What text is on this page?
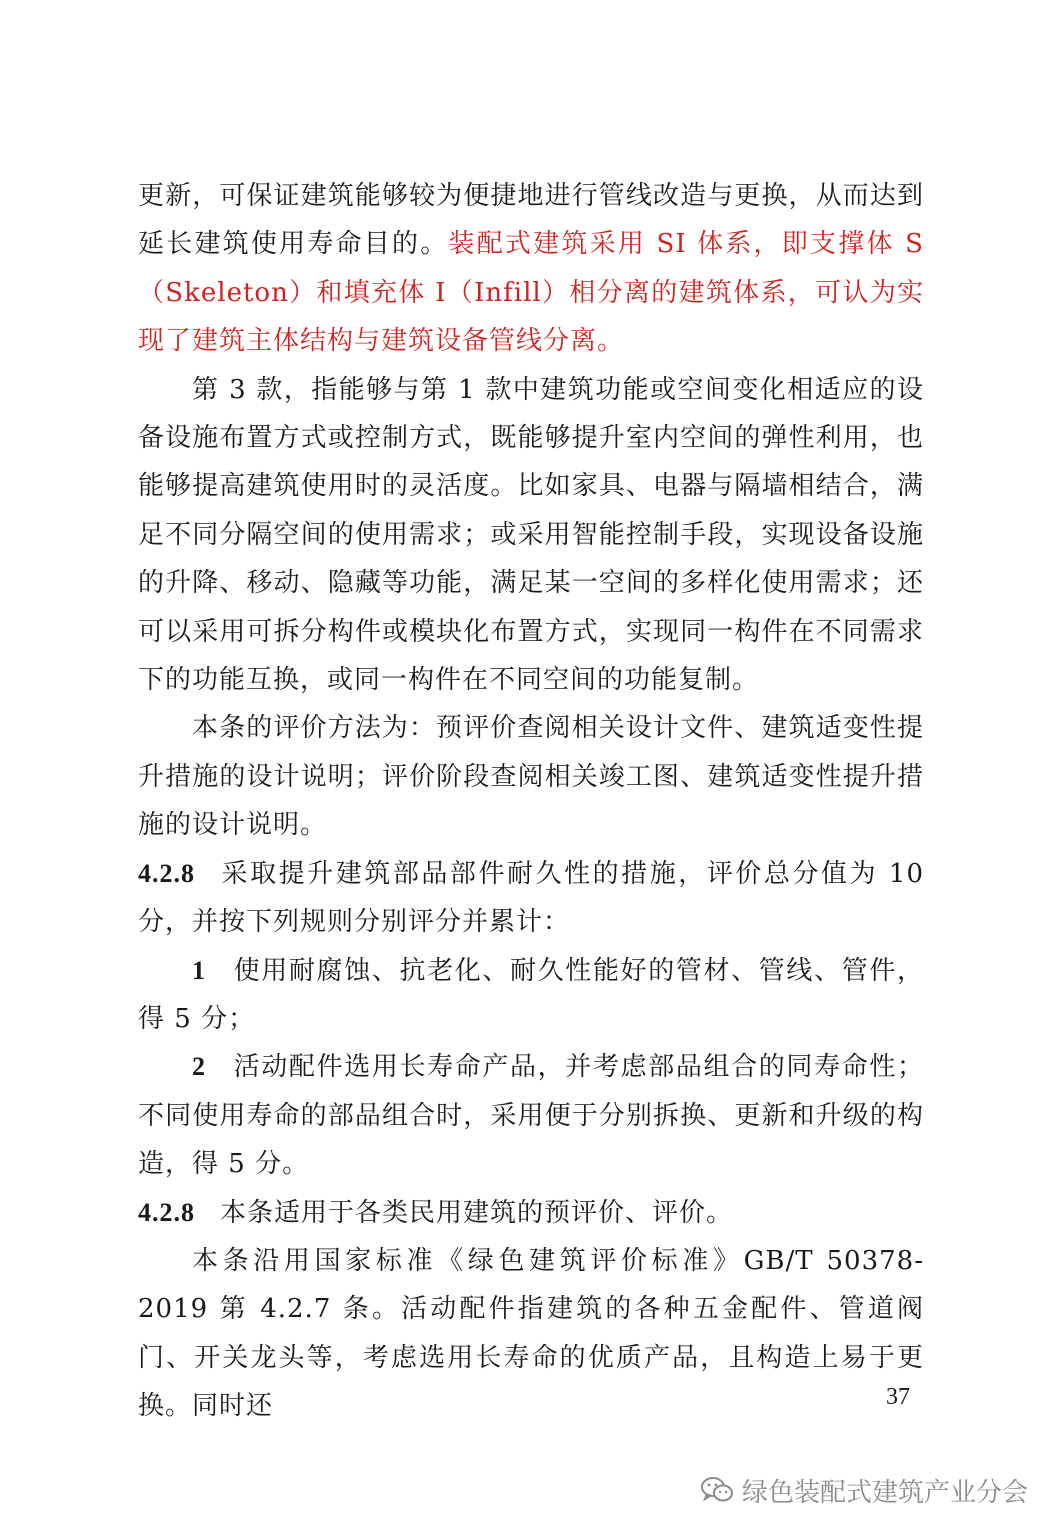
更新，可保证建筑能够较为便捷地进行管线改造与更换，从而达到延长建筑使用寿命目的。装配式建筑采用 SI 体系，即支撑体 S（Skeleton）和填充体 I（Infill）相分离的建筑体系，可认为实现了建筑主体结构与建筑设备管线分离。

第 3 款，指能够与第 1 款中建筑功能或空间变化相适应的设备设施布置方式或控制方式，既能够提升室内空间的弹性利用，也能够提高建筑使用时的灵活度。比如家具、电器与隔墙相结合，满足不同分隔空间的使用需求；或采用智能控制手段，实现设备设施的升降、移动、隐藏等功能，满足某一空间的多样化使用需求；还可以采用可拆分构件或模块化布置方式，实现同一构件在不同需求下的功能互换，或同一构件在不同空间的功能复制。

本条的评价方法为：预评价查阅相关设计文件、建筑适变性提升措施的设计说明；评价阶段查阅相关竣工图、建筑适变性提升措施的设计说明。

4.2.8 采取提升建筑部品部件耐久性的措施，评价总分值为 10 分，并按下列规则分别评分并累计：

1  使用耐腐蚀、抗老化、耐久性能好的管材、管线、管件，得 5 分；

2  活动配件选用长寿命产品，并考虑部品组合的同寿命性；不同使用寿命的部品组合时，采用便于分别拆换、更新和升级的构造，得 5 分。

4.2.8 本条适用于各类民用建筑的预评价、评价。

本条沿用国家标准《绿色建筑评价标准》GB/T 50378-2019 第 4.2.7 条。活动配件指建筑的各种五金配件、管道阀门、开关龙头等，考虑选用长寿命的优质产品，且构造上易于更换。同时还	37
绿色装配式建筑产业分会
